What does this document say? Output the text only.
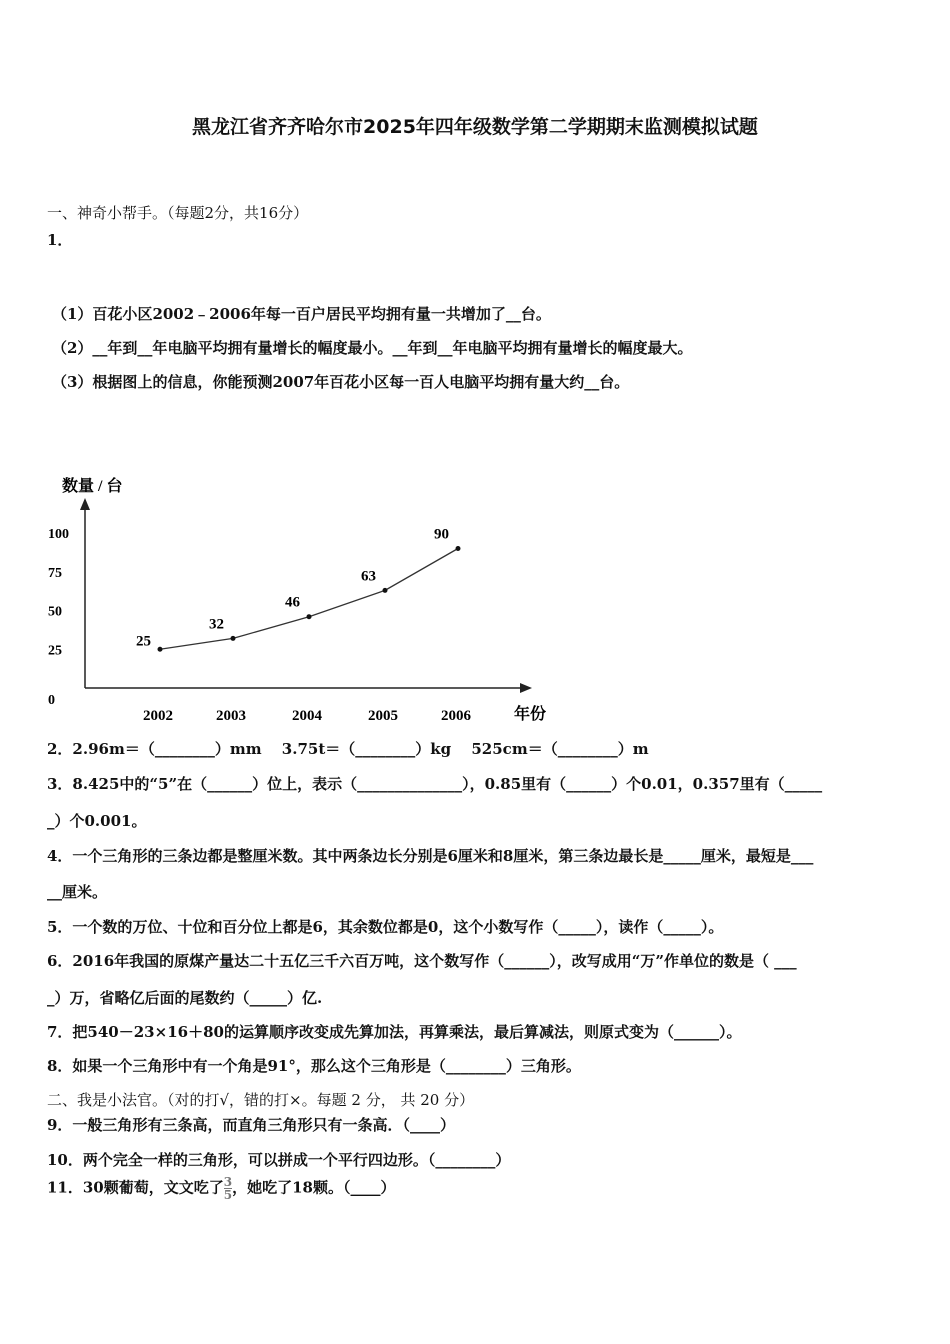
黑龙江省齐齐哈尔市2025年四年级数学第二学期期末监测模拟试题
一、神奇小帮手。（每题2分，共16分）
1．
（1）百花小区2002﹣2006年每一百户居民平均拥有量一共增加了__台。
（2）__年到__年电脑平均拥有量增长的幅度最小。__年到__年电脑平均拥有量增长的幅度最大。
（3）根据图上的信息，你能预测2007年百花小区每一百人电脑平均拥有量大约__台。
数量 / 台
年份
0
25
50
75
100
2002	2003	2004	2005	2006
25
32
46
63
90
2．2.96m＝（________）mm　 3.75t＝（________）kg　 525cm＝（________）m
3．8.425中的“5”在（______）位上，表示（______________），0.85里有（______）个0.01，0.357里有（_____
_）个0.001。
4．一个三角形的三条边都是整厘米数。其中两条边长分别是6厘米和8厘米，第三条边最长是_____厘米，最短是___
__厘米。
5．一个数的万位、十位和百分位上都是6，其余数位都是0，这个小数写作（_____），读作（_____）。
6．2016年我国的原煤产量达二十五亿三千六百万吨，这个数写作（______），改写成用“万”作单位的数是（ ___
_）万，省略亿后面的尾数约（_____）亿.
7．把540－23×16＋80的运算顺序改变成先算加法，再算乘法，最后算减法，则原式变为（______）。
8．如果一个三角形中有一个角是91°，那么这个三角形是（________）三角形。
二、我是小法官。（对的打√，错的打×。每题 2 分， 共 20 分）
9．一般三角形有三条高，而直角三角形只有一条高．（____）
10．两个完全一样的三角形，可以拼成一个平行四边形。（________）
11．30颗葡萄，文文吃了 $\frac{3}{5}$ ，她吃了18颗。（____）
